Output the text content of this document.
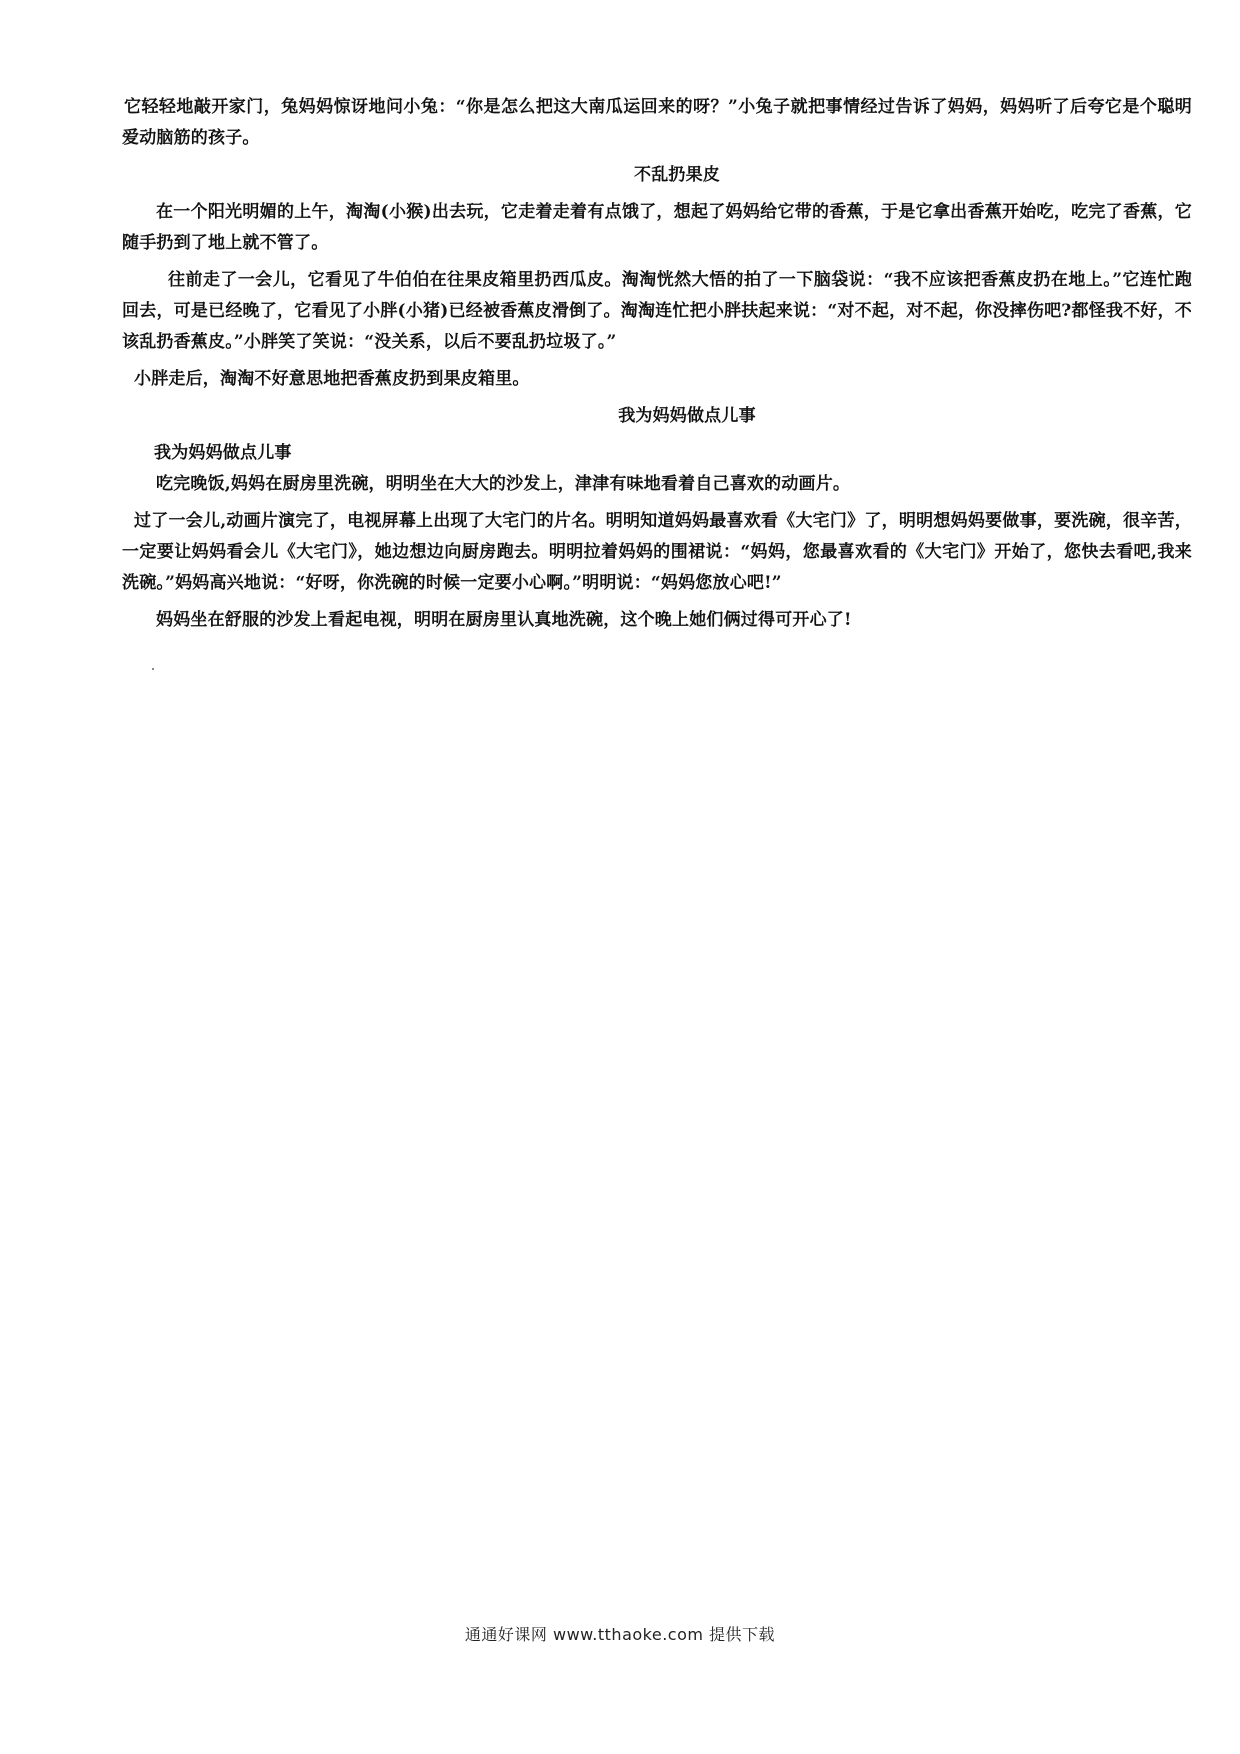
它轻轻地敲开家门，兔妈妈惊讶地问小兔：“你是怎么把这大南瓜运回来的呀？”小兔子就把事情经过告诉了妈妈，妈妈听了后夸它是个聪明爱动脑筋的孩子。

不乱扔果皮

在一个阳光明媚的上午，淘淘(小猴)出去玩，它走着走着有点饿了，想起了妈妈给它带的香蕉，于是它拿出香蕉开始吃，吃完了香蕉，它随手扔到了地上就不管了。

往前走了一会儿，它看见了牛伯伯在往果皮箱里扔西瓜皮。淘淘恍然大悟的拍了一下脑袋说：“我不应该把香蕉皮扔在地上。”它连忙跑回去，可是已经晚了，它看见了小胖(小猪)已经被香蕉皮滑倒了。淘淘连忙把小胖扶起来说：“对不起，对不起，你没摔伤吧?都怪我不好，不该乱扔香蕉皮。”小胖笑了笑说：“没关系，以后不要乱扔垃圾了。”

小胖走后，淘淘不好意思地把香蕉皮扔到果皮箱里。

我为妈妈做点儿事

我为妈妈做点儿事

吃完晚饭,妈妈在厨房里洗碗，明明坐在大大的沙发上，津津有味地看着自己喜欢的动画片。

过了一会儿,动画片演完了，电视屏幕上出现了大宅门的片名。明明知道妈妈最喜欢看《大宅门》了，明明想妈妈要做事，要洗碗，很辛苦，一定要让妈妈看会儿《大宅门》，她边想边向厨房跑去。明明拉着妈妈的围裙说：“妈妈，您最喜欢看的《大宅门》开始了，您快去看吧,我来洗碗。”妈妈高兴地说：“好呀，你洗碗的时候一定要小心啊。”明明说：“妈妈您放心吧!”

妈妈坐在舒服的沙发上看起电视，明明在厨房里认真地洗碗，这个晚上她们俩过得可开心了!

通通好课网 www.tthaoke.com 提供下载
